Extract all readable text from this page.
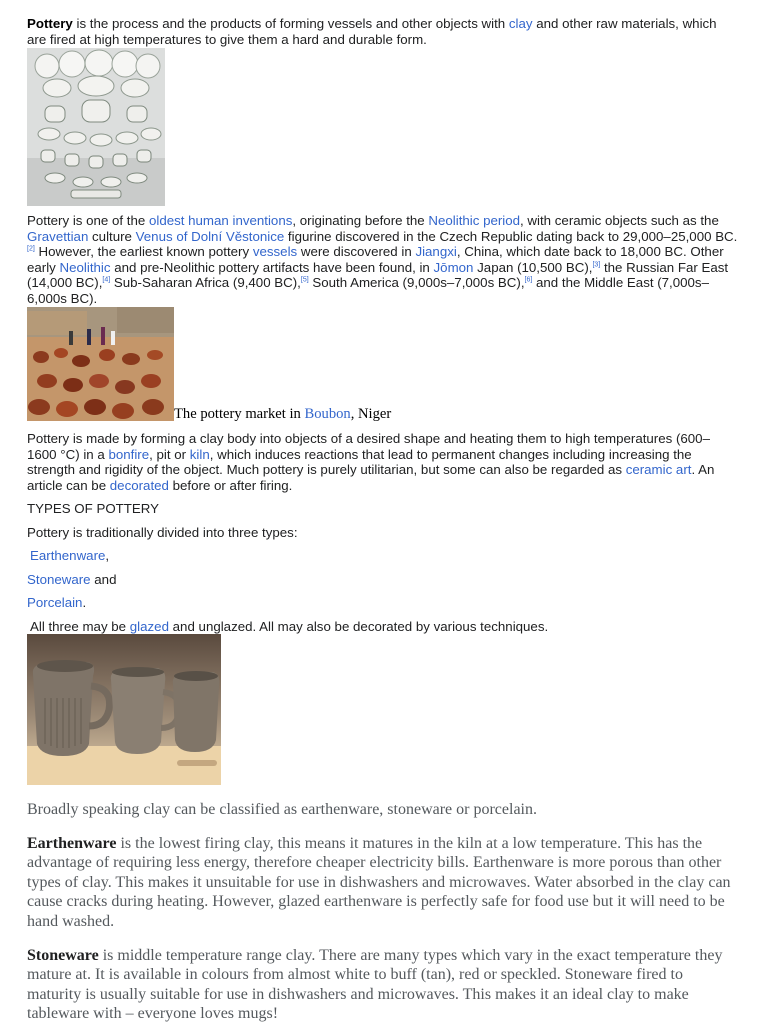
Pottery is the process and the products of forming vessels and other objects with clay and other raw materials, which are fired at high temperatures to give them a hard and durable form.

Pottery is one of the oldest human inventions, originating before the Neolithic period, with ceramic objects such as the Gravettian culture Venus of Dolní Věstonice figurine discovered in the Czech Republic dating back to 29,000–25,000 BC.[2] However, the earliest known pottery vessels were discovered in Jiangxi, China, which date back to 18,000 BC. Other early Neolithic and pre-Neolithic pottery artifacts have been found, in Jōmon Japan (10,500 BC),[3] the Russian Far East (14,000 BC),[4] Sub-Saharan Africa (9,400 BC),[5] South America (9,000s–7,000s BC),[6] and the Middle East (7,000s–6,000s BC).

The pottery market in Boubon, Niger

Pottery is made by forming a clay body into objects of a desired shape and heating them to high temperatures (600–1600 °C) in a bonfire, pit or kiln, which induces reactions that lead to permanent changes including increasing the strength and rigidity of the object. Much pottery is purely utilitarian, but some can also be regarded as ceramic art. An article can be decorated before or after firing.

TYPES OF POTTERY
Pottery is traditionally divided into three types:
Earthenware,
Stoneware and
Porcelain.
All three may be glazed and unglazed. All may also be decorated by various techniques.

Broadly speaking clay can be classified as earthenware, stoneware or porcelain.

Earthenware is the lowest firing clay, this means it matures in the kiln at a low temperature. This has the advantage of requiring less energy, therefore cheaper electricity bills. Earthenware is more porous than other types of clay. This makes it unsuitable for use in dishwashers and microwaves. Water absorbed in the clay can cause cracks during heating. However, glazed earthenware is perfectly safe for food use but it will need to be hand washed.

Stoneware is middle temperature range clay. There are many types which vary in the exact temperature they mature at. It is available in colours from almost white to buff (tan), red or speckled. Stoneware fired to maturity is usually suitable for use in dishwashers and microwaves. This makes it an ideal clay to make tableware with – everyone loves mugs!
